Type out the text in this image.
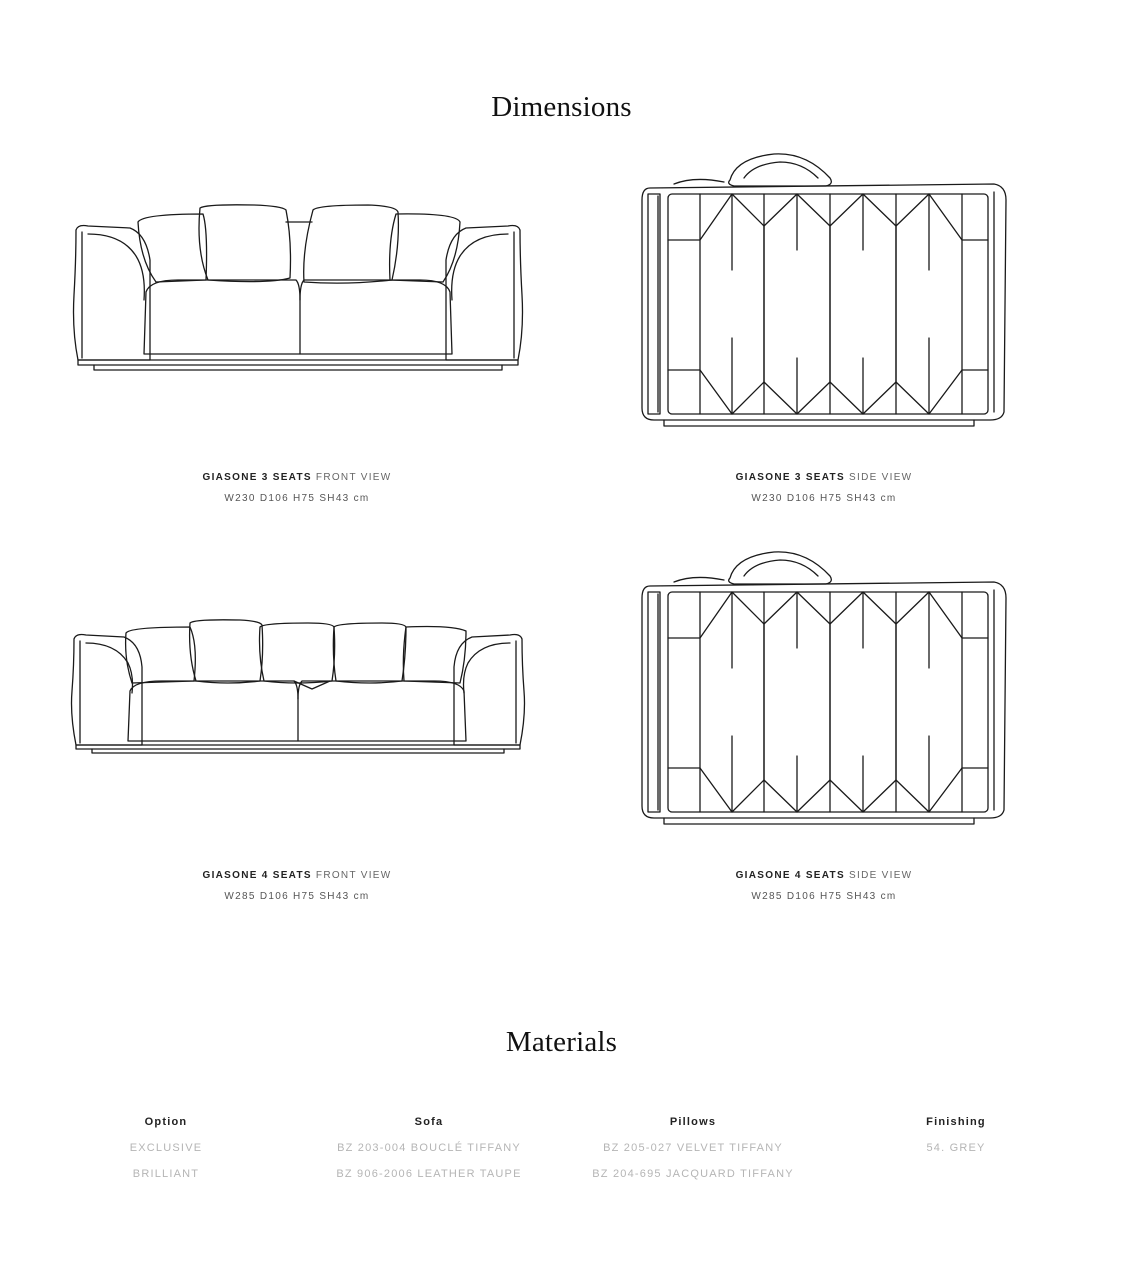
Dimensions
GIASONE 3 SEATS FRONT VIEW
W230 D106 H75 SH43 cm
GIASONE 3 SEATS SIDE VIEW
W230 D106 H75 SH43 cm
GIASONE 4 SEATS FRONT VIEW
W285 D106 H75 SH43 cm
GIASONE 4 SEATS SIDE VIEW
W285 D106 H75 SH43 cm
Materials
Option
EXCLUSIVE
BRILLIANT
Sofa
BZ 203-004 BOUCLÉ TIFFANY
BZ 906-2006 LEATHER TAUPE
Pillows
BZ 205-027 VELVET TIFFANY
BZ 204-695 JACQUARD TIFFANY
Finishing
54. GREY
